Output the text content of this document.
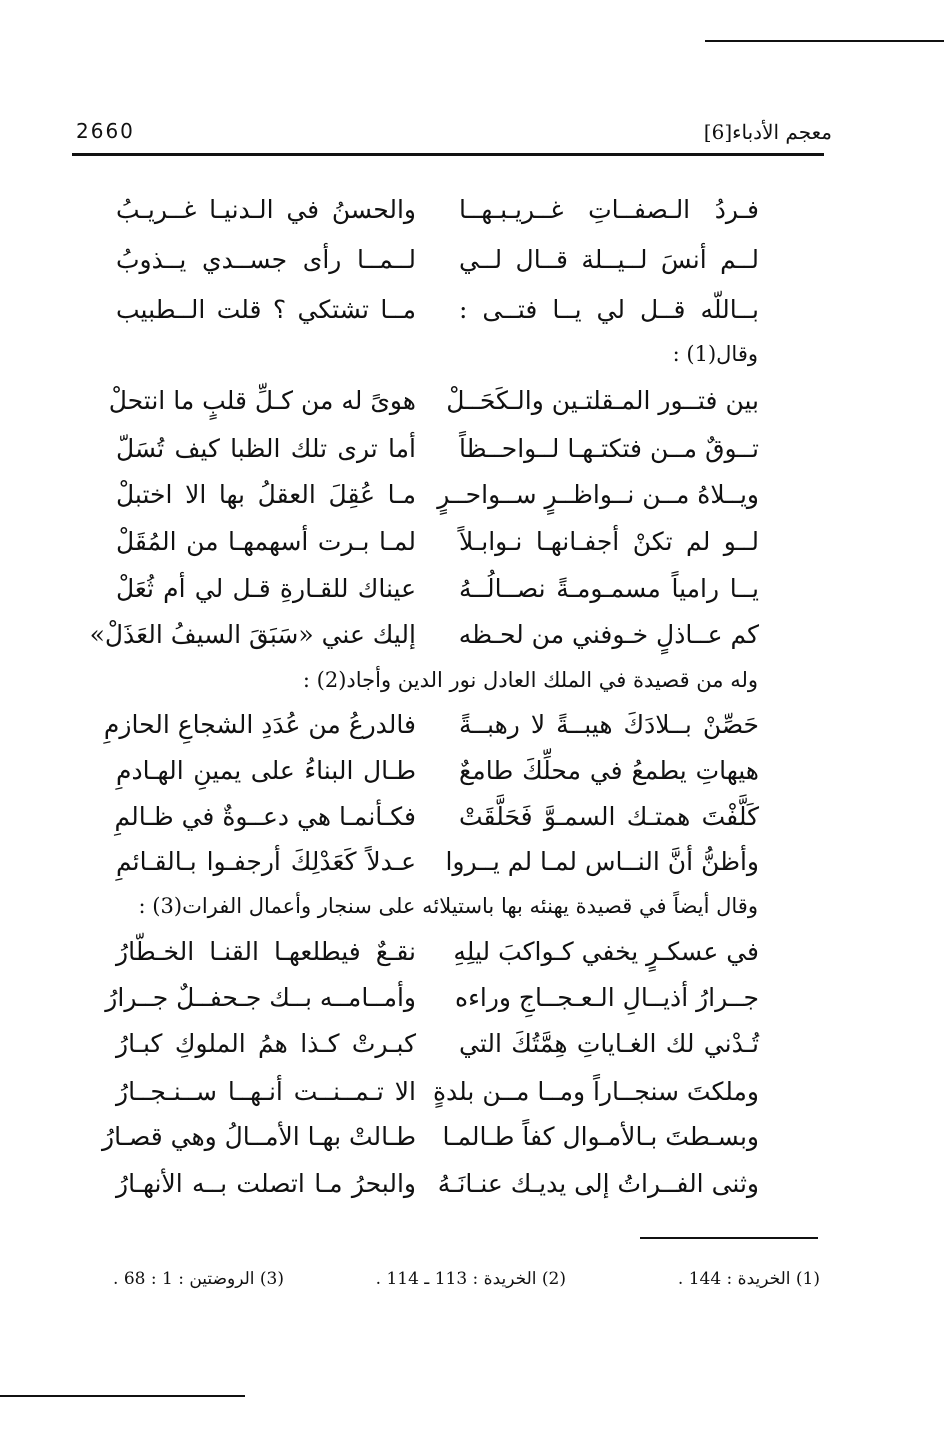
معجم الأدباء[6]
2660
فـردُ الـصفــاتِ غــريـبـهــا
والحسنُ في الـدنيـا غــريـبُ
لــم أنسَ لــيــلة قــال لــي
لــمــا رأى جســدي يــذوبُ
بــاللّه قــل لي يــا فتــى :
مــا تشتكي ؟ قلت الــطبيب
وقال(1) :
بين فتــور المـقلتـين والـكَحَــلْ
هوىً له من كـلِّ قلبٍ ما انتحلْ
تــوقٌ مــن فتكتـهـا لــواحــظاً
أما ترى تلك الظبا كيف تُسَلّ
ويــلاهُ مــن نــواظــرٍ ســواحــرٍ
مـا عُقِلَ العقلُ بها الا اختبلْ
لــو لم تكنْ أجفـانهـا نـوابـلاً
لمـا بـرت أسهمهـا من المُقَلْ
يــا رامياً مسمـومـةً نصــالُــهُ
عيناك للقـارةِ قـل لي أم ثُعَلْ
كم عــاذلٍ خـوفني من لحـظه
إليك عني «سَبَقَ السيفُ العَذَلْ»
وله من قصيدة في الملك العادل نور الدين وأجاد(2) :
حَصِّنْ بــلادَكَ هيبــةً لا رهبــةً
فالدرعُ من عُدَدِ الشجاعِ الحازمِ
هيهاتِ يطمعُ في محلِّكَ طامعٌ
طـال البناءُ على يمينِ الهـادمِ
كَلَّفْتَ همتـك السمـوَّ فَحَلَّقَتْ
فكـأنمـا هي دعــوةٌ في ظـالمِ
وأظنُّ أنَّ النــاس لمـا لم يــروا
عـدلاً كَعَدْلِكَ أرجفـوا بـالقـائمِ
وقال أيضاً في قصيدة يهنئه بها باستيلائه على سنجار وأعمال الفرات(3) :
في عسكـرٍ يخفي كـواكبَ ليلِهِ
نقـعٌ فيطلعهـا القنـا الخـطّارُ
جــرارُ أذيــالِ الـعـجــاجِ وراءه
وأمــامــه بــك جـحفــلٌ جــرارُ
تُـدْني لك الغـاياتِ هِمَّتُكَ التي
كبـرتْ كـذا همُ الملوكِ كبـارُ
وملكتَ سنجــاراً ومــا مــن بلدةٍ
الا تـمــنــت أنـهــا ســنـجــارُ
وبسـطتَ بـالأمـوال كفاً طـالمـا
طـالتْ بهـا الأمــالُ وهي قصـارُ
وثنى الفــراتُ إلى يديـك عنـانَـهُ
والبحرُ مـا اتصلت بــه الأنهـارُ
(1) الخريدة : 144 .
(2) الخريدة : 113 ـ 114 .
(3) الروضتين : 1 : 68 .
